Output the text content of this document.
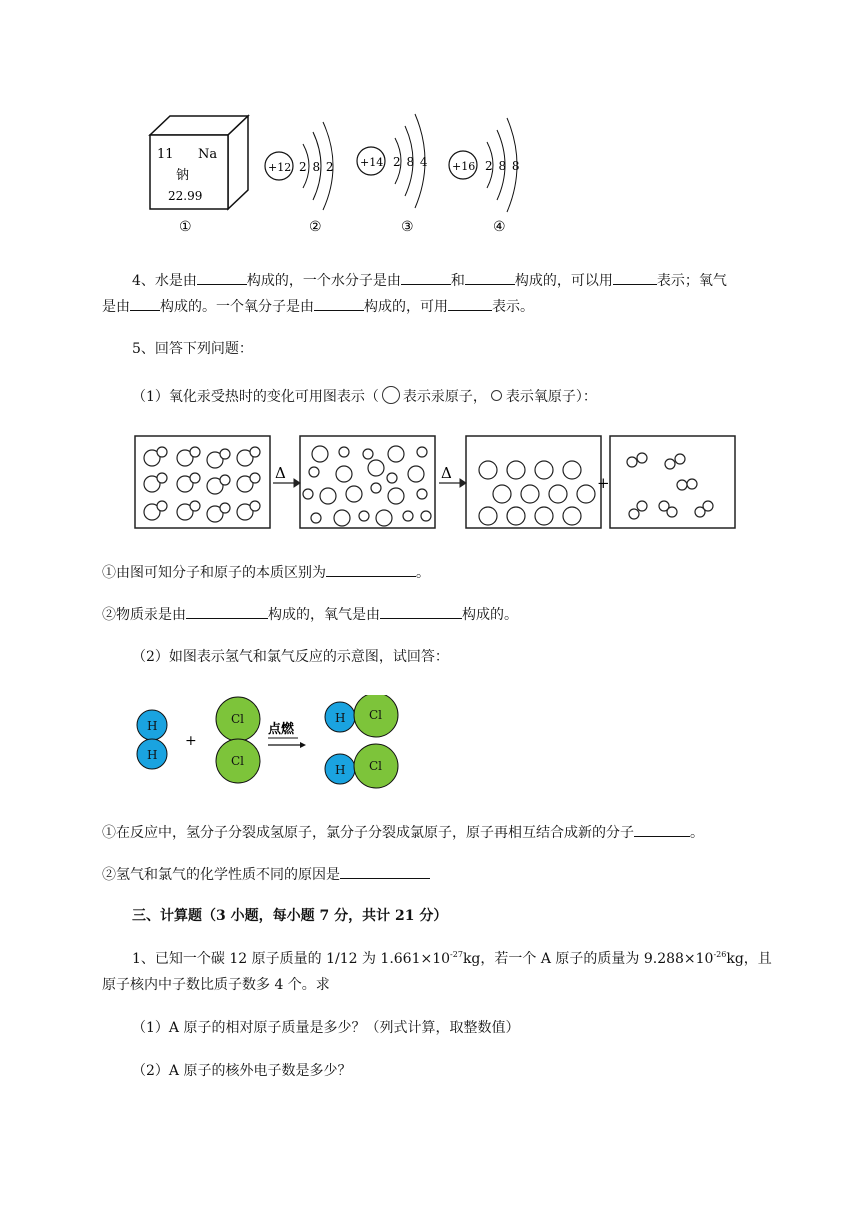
11 Na
钠
22.99
①
+12 2 8 2
②
+14 2 8 4
③
+16 2 8 8
④
4、水是由	构成的，一个水分子是由	和	构成的，可以用	表示；氧气
是由 构成的。一个氧分子是由	构成的，可用	表示。
5、回答下列问题：
（1）氧化汞受热时的变化可用图表示（ 表示汞原子， 表示氧原子）：
Δ	Δ
+
①由图可知分子和原子的本质区别为	。
②物质汞是由	构成的，氧气是由	构成的。
（2）如图表示氢气和氯气反应的示意图，试回答：
H
H
Cl
Cl
H Cl
H Cl
+
点燃
①在反应中，氢分子分裂成氢原子，氯分子分裂成氯原子，原子再相互结合成新的分子	。
②氢气和氯气的化学性质不同的原因是
三、计算题（3 小题，每小题 7 分，共计 21 分）
1、已知一个碳 12 原子质量的 1/12 为 $1.661\times 10^{-27}kg$，若一个 A 原子的质量为 $9.288\times 10^{-26}kg$，且
原子核内中子数比质子数多 4 个。求
（1）A 原子的相对原子质量是多少？（列式计算，取整数值）
（2）A 原子的核外电子数是多少？
